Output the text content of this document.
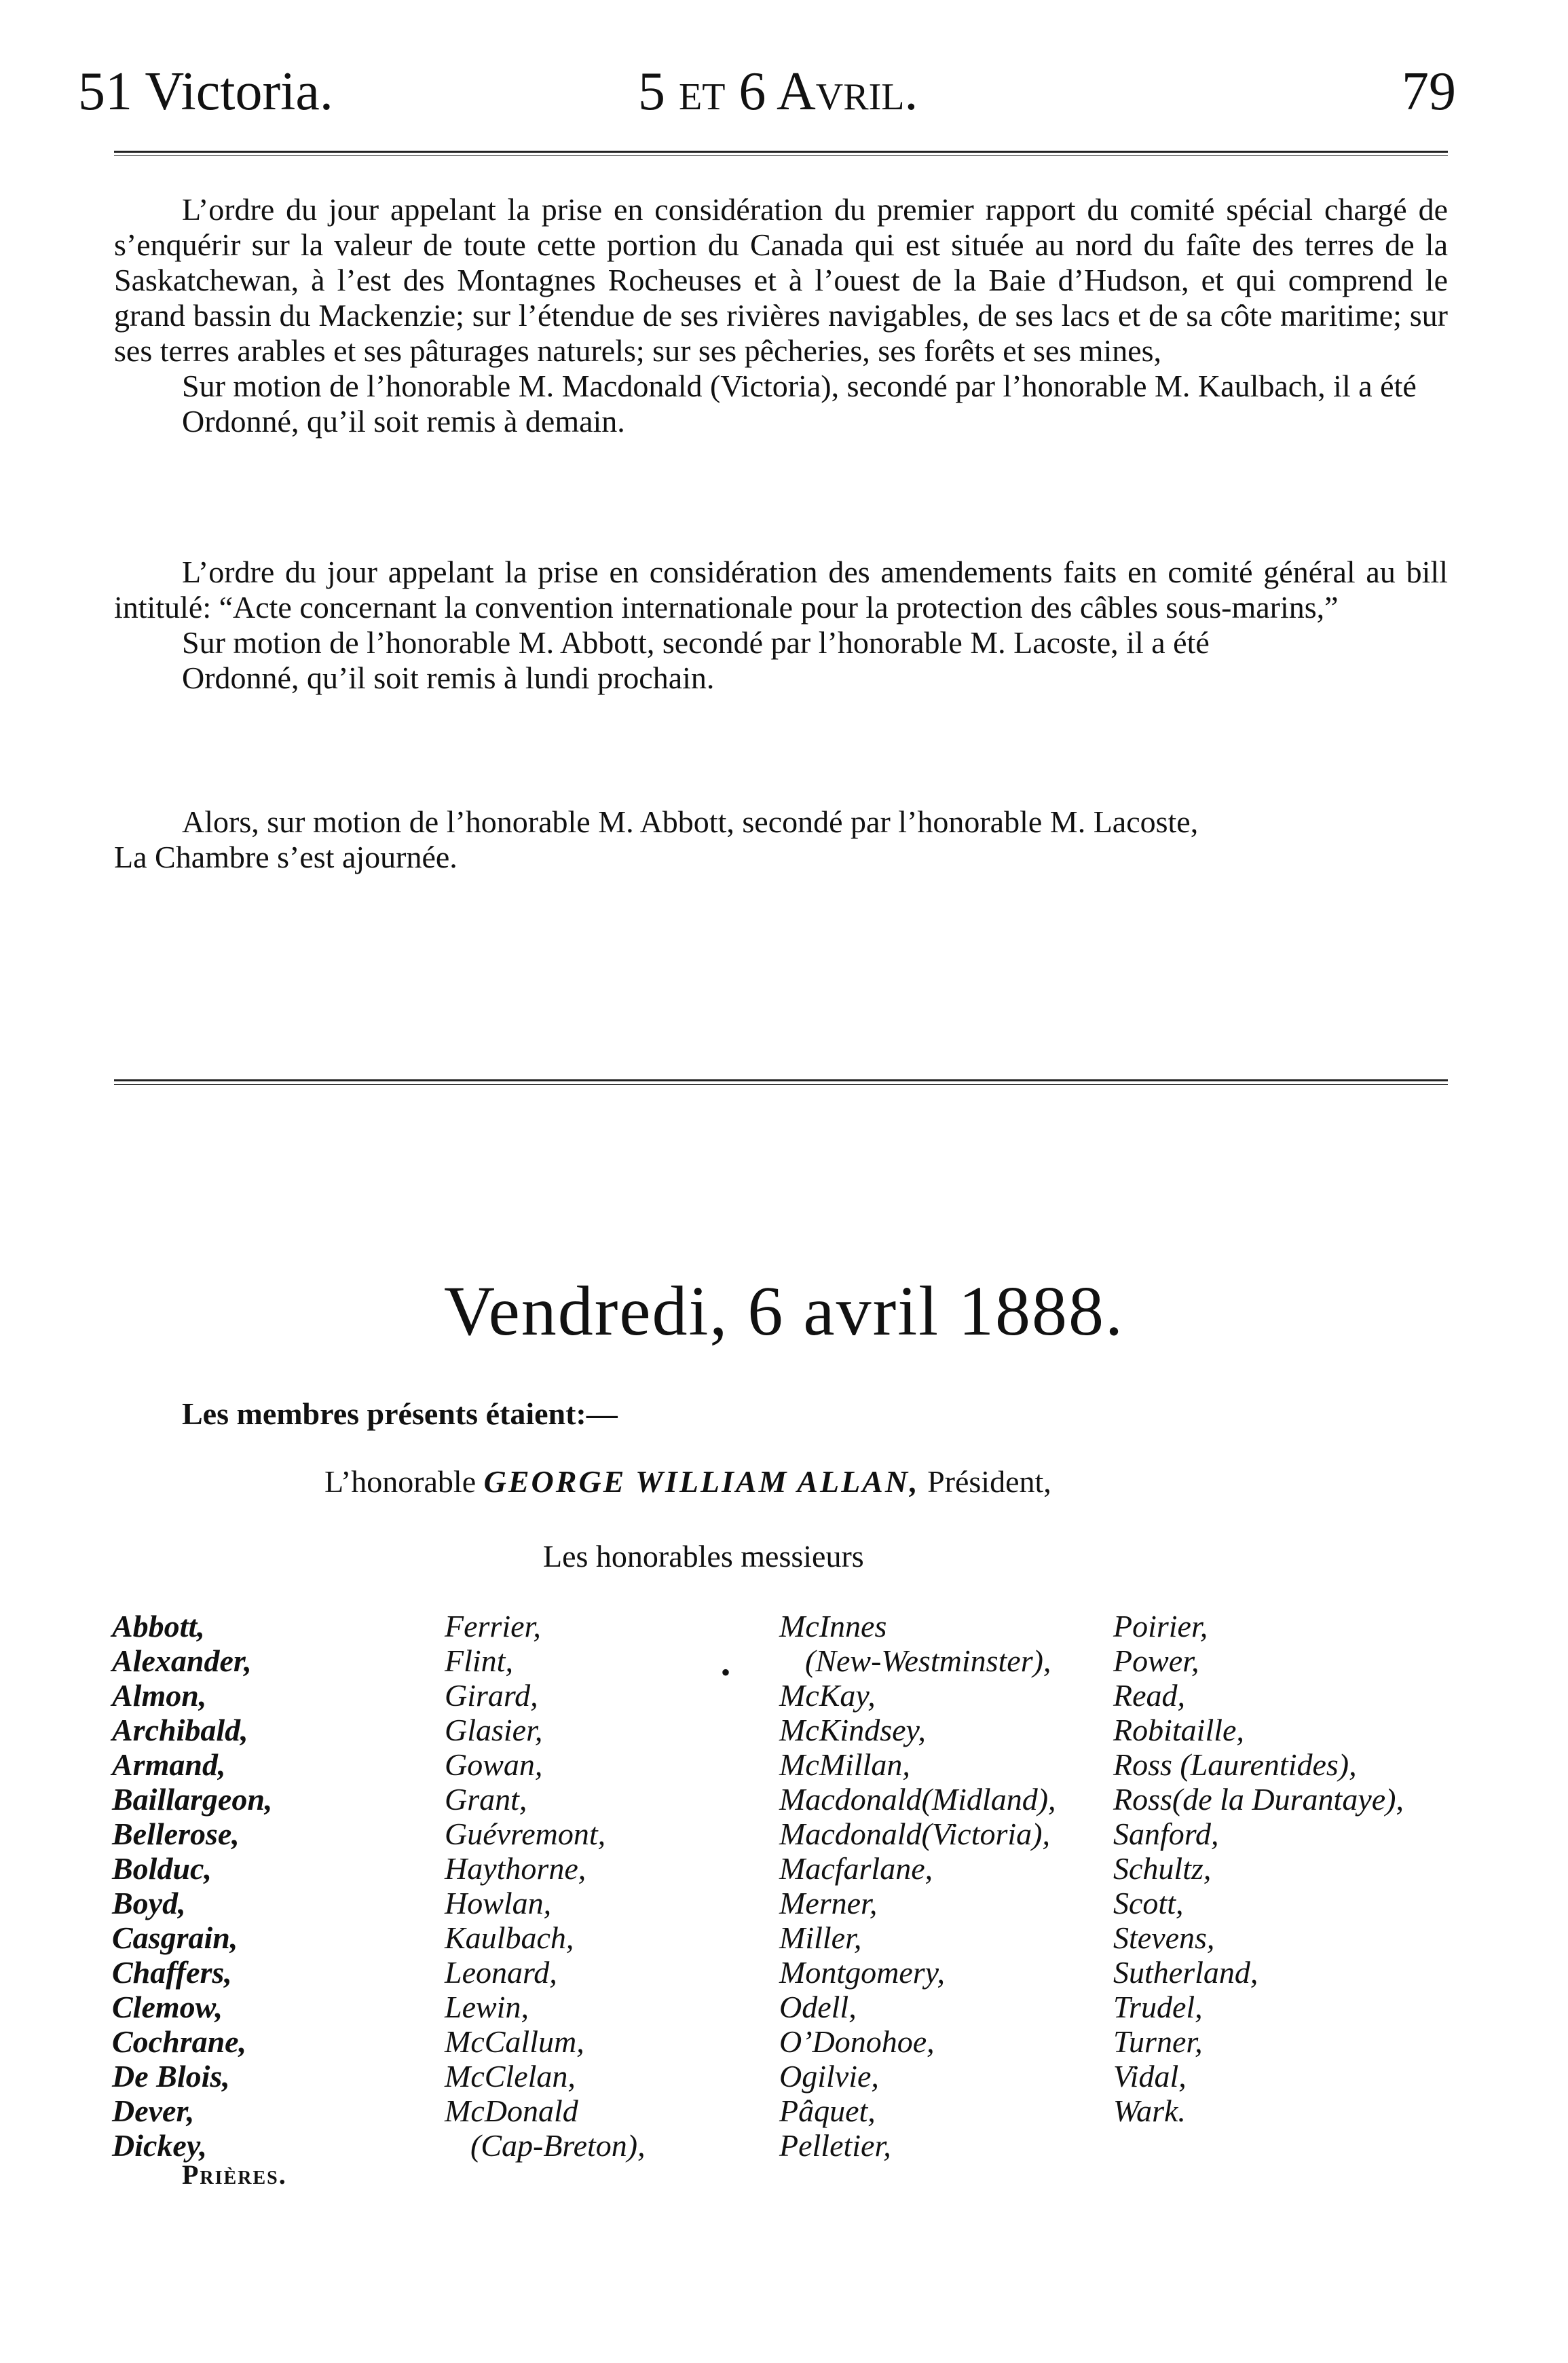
51 Victoria.	5 et 6 Avril.	79

L’ordre du jour appelant la prise en considération du premier rapport du comité spécial chargé de s’enquérir sur la valeur de toute cette portion du Canada qui est située au nord du faîte des terres de la Saskatchewan, à l’est des Montagnes Rocheuses et à l’ouest de la Baie d’Hudson, et qui comprend le grand bassin du Mackenzie; sur l’étendue de ses rivières navigables, de ses lacs et de sa côte maritime; sur ses terres arables et ses pâturages naturels; sur ses pêcheries, ses forêts et ses mines,

Sur motion de l’honorable M. Macdonald (Victoria), secondé par l’honorable M. Kaulbach, il a été

Ordonné, qu’il soit remis à demain.

L’ordre du jour appelant la prise en considération des amendements faits en comité général au bill intitulé: “Acte concernant la convention internationale pour la protection des câbles sous-marins,”

Sur motion de l’honorable M. Abbott, secondé par l’honorable M. Lacoste, il a été

Ordonné, qu’il soit remis à lundi prochain.

Alors, sur motion de l’honorable M. Abbott, secondé par l’honorable M. Lacoste,

La Chambre s’est ajournée.

Vendredi, 6 avril 1888.
Les membres présents étaient:—
L’honorable GEORGE WILLIAM ALLAN, Président,
Les honorables messieurs
Abbott,
Alexander,
Almon,
Archibald,
Armand,
Baillargeon,
Bellerose,
Bolduc,
Boyd,
Casgrain,
Chaffers,
Clemow,
Cochrane,
De Blois,
Dever,
Dickey,
Ferrier,
Flint,
Girard,
Glasier,
Gowan,
Grant,
Guévremont,
Haythorne,
Howlan,
Kaulbach,
Leonard,
Lewin,
McCallum,
McClelan,
McDonald
(Cap-Breton),
McInnes
(New-Westminster),
McKay,
McKindsey,
McMillan,
Macdonald(Midland),
Macdonald(Victoria),
Macfarlane,
Merner,
Miller,
Montgomery,
Odell,
O’Donohoe,
Ogilvie,
Pâquet,
Pelletier,
Poirier,
Power,
Read,
Robitaille,
Ross (Laurentides),
Ross(de la Durantaye),
Sanford,
Schultz,
Scott,
Stevens,
Sutherland,
Trudel,
Turner,
Vidal,
Wark.
•
Prières.
